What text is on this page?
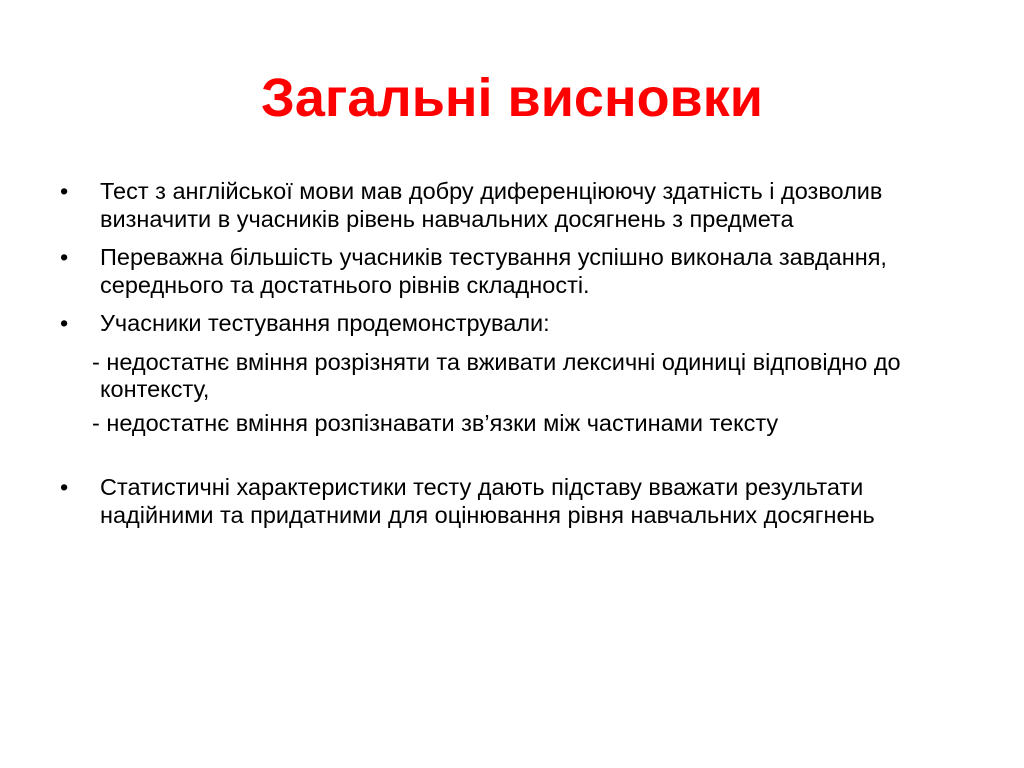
Загальні висновки
• Тест з англійської мови мав добру диференціюючу здатність і дозволив визначити в учасників рівень навчальних досягнень з предмета
• Переважна більшість учасників тестування успішно виконала завдання, середнього та достатнього рівнів складності.
• Учасники тестування продемонстрували:
- недостатнє вміння розрізняти та вживати лексичні одиниці відповідно до контексту,
- недостатнє вміння розпізнавати зв’язки між частинами тексту
• Статистичні характеристики тесту дають підставу вважати результати надійними та придатними для оцінювання рівня навчальних досягнень
